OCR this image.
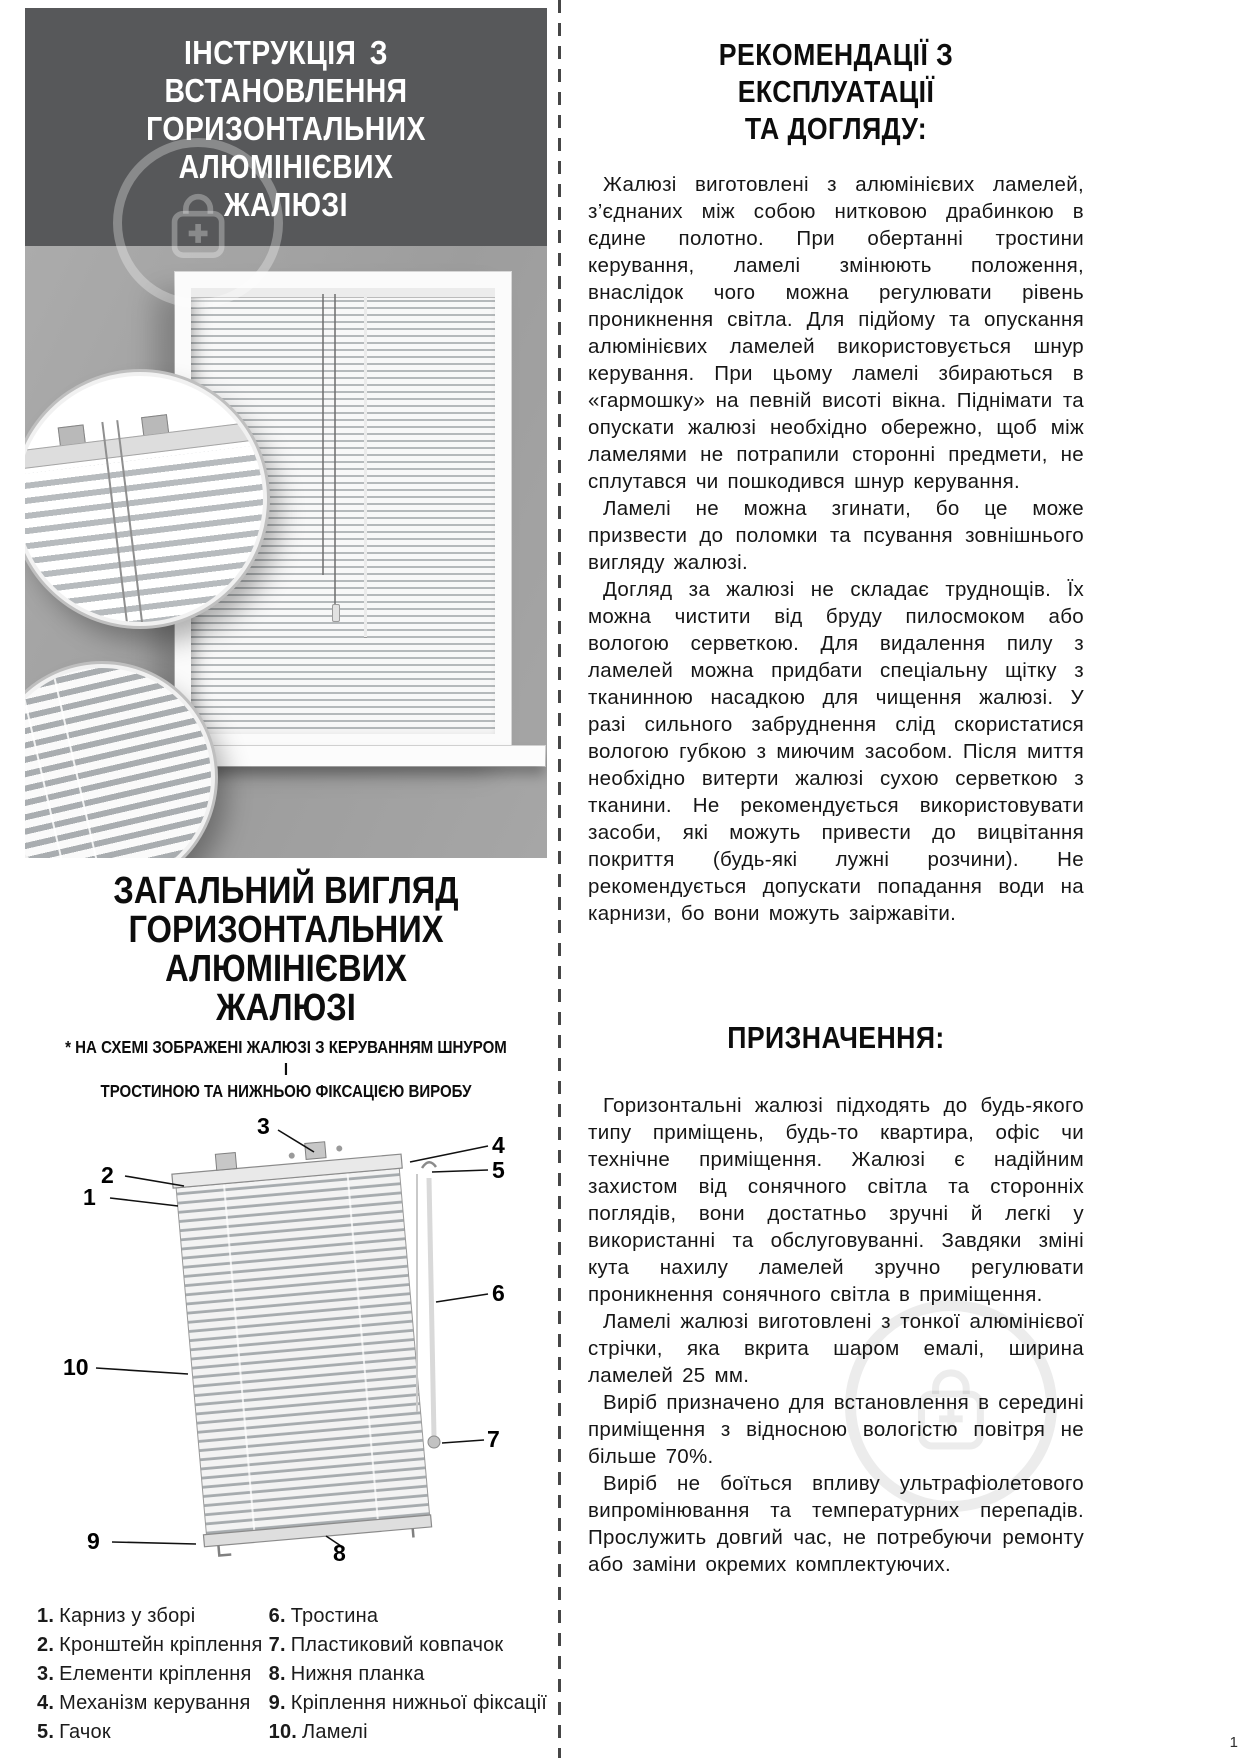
ІНСТРУКЦІЯ З ВСТАНОВЛЕННЯ
ГОРИЗОНТАЛЬНИХ АЛЮМІНІЄВИХ
ЖАЛЮЗІ
ЗАГАЛЬНИЙ ВИГЛЯД
ГОРИЗОНТАЛЬНИХ АЛЮМІНІЄВИХ
ЖАЛЮЗІ
* НА СХЕМІ ЗОБРАЖЕНІ ЖАЛЮЗІ З КЕРУВАННЯМ ШНУРОМ І
ТРОСТИНОЮ ТА НИЖНЬОЮ ФІКСАЦІЄЮ ВИРОБУ
1
2
3
4
5
6
7
8
9
10
1. Карниз у зборі
2. Кронштейн кріплення
3. Елементи кріплення
4. Механізм керування
5. Гачок
6. Тростина
7. Пластиковий ковпачок
8. Нижня планка
9. Кріплення нижньої фіксації
10. Ламелі
РЕКОМЕНДАЦІЇ З ЕКСПЛУАТАЦІЇ
ТА ДОГЛЯДУ:

Жалюзі виготовлені з алюмінієвих ламелей, з’єднаних між собою нитковою драбинкою в єдине полотно. При обертанні тростини керування, ламелі змінюють положення, внаслідок чого можна регулювати рівень проникнення світла. Для підйому та опускання алюмінієвих ламелей використовується шнур керування. При цьому ламелі збираються в «гармошку» на певній висоті вікна. Піднімати та опускати жалюзі необхідно обережно, щоб між ламелями не потрапили сторонні предмети, не сплутався чи пошкодився шнур керування.

Ламелі не можна згинати, бо це може призвести до поломки та псування зовнішнього вигляду жалюзі.

Догляд за жалюзі не складає труднощів. Їх можна чистити від бруду пилосмоком або вологою серветкою. Для видалення пилу з ламелей можна придбати спеціальну щітку з тканинною насадкою для чищення жалюзі. У разі сильного забруднення слід скористатися вологою губкою з миючим засобом. Після миття необхідно витерти жалюзі сухою серветкою з тканини. Не рекомендується використовувати засоби, які можуть привести до вицвітання покриття (будь-які лужні розчини). Не рекомендується допускати попадання води на карнизи, бо вони можуть заіржавіти.

ПРИЗНАЧЕННЯ:

Горизонтальні жалюзі підходять до будь-якого типу приміщень, будь-то квартира, офіс чи технічне приміщення. Жалюзі є надійним захистом від сонячного світла та сторонніх поглядів, вони достатньо зручні й легкі у використанні та обслуговуванні. Завдяки зміні кута нахилу ламелей зручно регулювати проникнення сонячного світла в приміщення.

Ламелі жалюзі виготовлені з тонкої алюмінієвої стрічки, яка вкрита шаром емалі, ширина ламелей 25 мм.

Виріб призначено для встановлення в середині приміщення з відносною вологістю повітря не більше 70%.

Виріб не боїться впливу ультрафіолетового випромінювання та температурних перепадів. Прослужить довгий час, не потребуючи ремонту або заміни окремих комплектуючих.

1
